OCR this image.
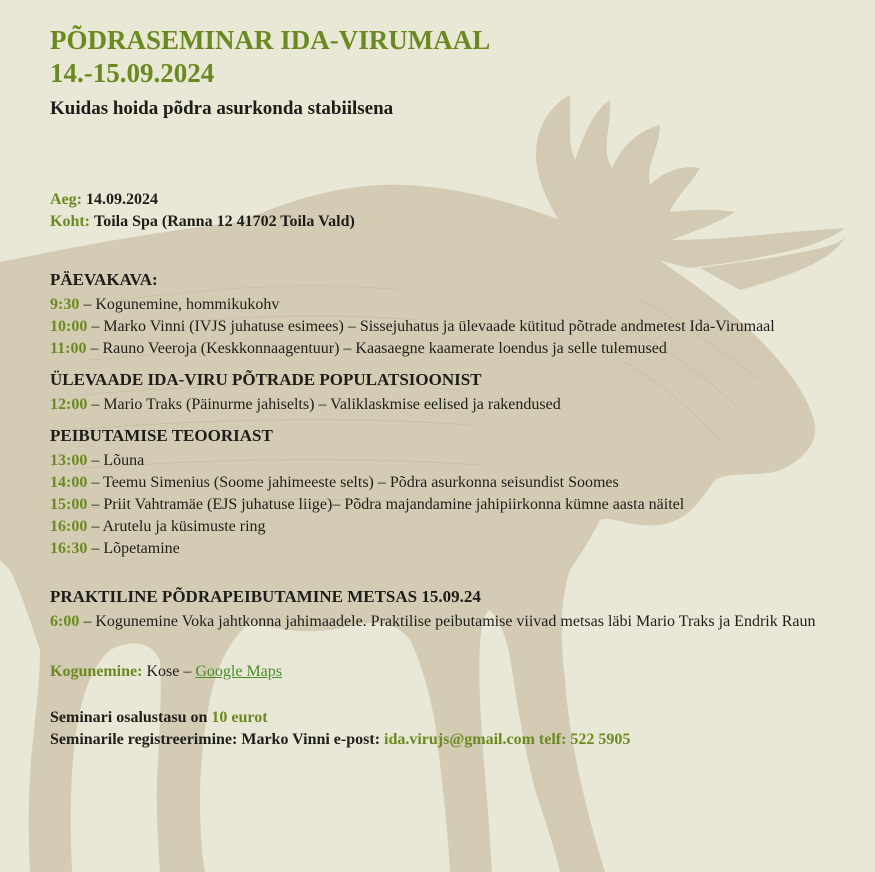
PÕDRASEMINAR IDA-VIRUMAAL
14.-15.09.2024
Kuidas hoida põdra asurkonda stabiilsena
Aeg: 14.09.2024
Koht: Toila Spa (Ranna 12 41702 Toila Vald)
PÄEVAKAVA:
9:30 – Kogunemine, hommikukohv
10:00 – Marko Vinni (IVJS juhatuse esimees) – Sissejuhatus ja ülevaade kütitud põtrade andmetest Ida-Virumaal
11:00 – Rauno Veeroja (Keskkonnaagentuur) – Kaasaegne kaamerate loendus ja selle tulemused
ÜLEVAADE IDA-VIRU PÕTRADE POPULATSIOONIST
12:00 – Mario Traks (Päinurme jahiselts) – Valiklaskmise eelised ja rakendused
PEIBUTAMISE TEOORIAST
13:00 – Lõuna
14:00 – Teemu Simenius (Soome jahimeeste selts) – Põdra asurkonna seisundist Soomes
15:00 – Priit Vahtramäe (EJS juhatuse liige)– Põdra majandamine jahipiirkonna kümne aasta näitel
16:00 – Arutelu ja küsimuste ring
16:30 – Lõpetamine
PRAKTILINE PÕDRAPEIBUTAMINE METSAS 15.09.24
6:00 – Kogunemine Voka jahtkonna jahimaadele. Praktilise peibutamise viivad metsas läbi Mario Traks ja Endrik Raun
Kogunemine: Kose – Google Maps
Seminari osalustasu on 10 eurot
Seminarile registreerimine: Marko Vinni e-post: ida.virujs@gmail.com telf: 522 5905
